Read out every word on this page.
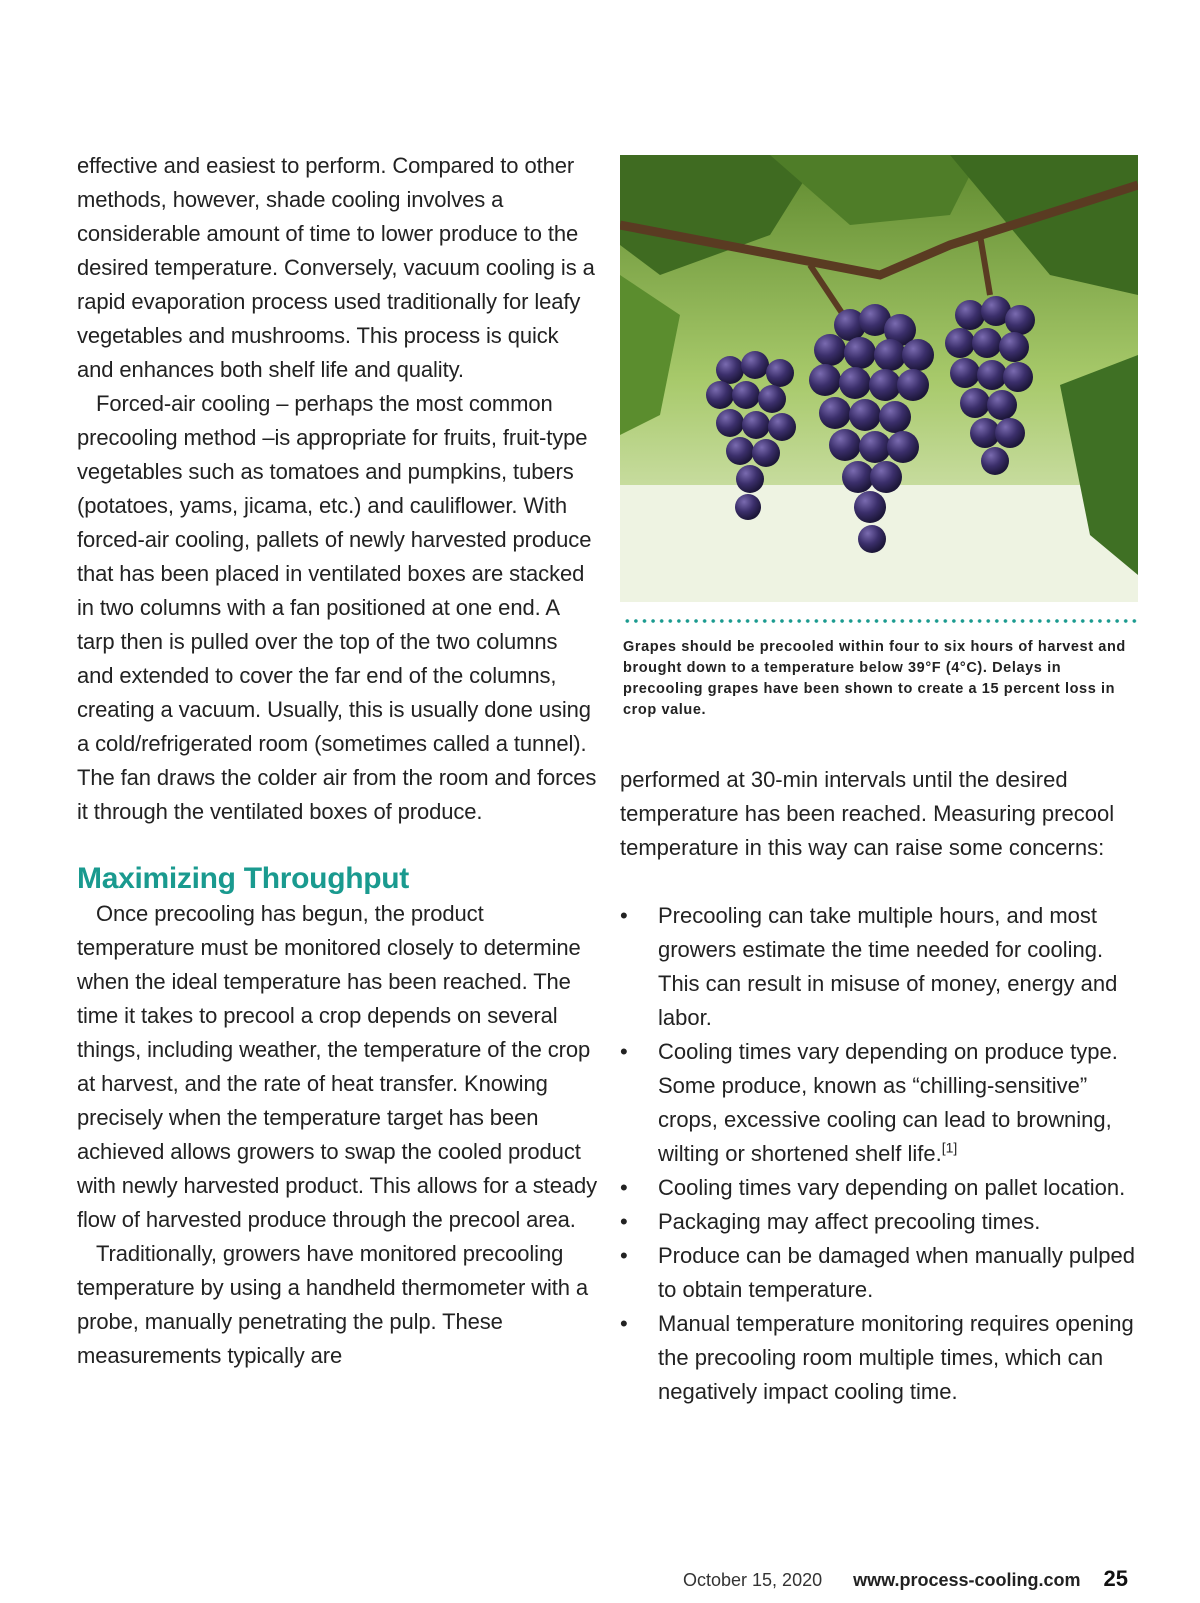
effective and easiest to perform. Compared to other methods, however, shade cooling involves a considerable amount of time to lower produce to the desired temperature. Conversely, vacuum cooling is a rapid evaporation process used traditionally for leafy vegetables and mushrooms. This process is quick and enhances both shelf life and quality.

Forced-air cooling – perhaps the most common precooling method –is appropriate for fruits, fruit-type vegetables such as tomatoes and pumpkins, tubers (potatoes, yams, jicama, etc.) and cauliflower. With forced-air cooling, pallets of newly harvested produce that has been placed in ventilated boxes are stacked in two columns with a fan positioned at one end. A tarp then is pulled over the top of the two columns and extended to cover the far end of the columns, creating a vacuum. Usually, this is usually done using a cold/refrigerated room (sometimes called a tunnel). The fan draws the colder air from the room and forces it through the ventilated boxes of produce.

Maximizing Throughput

Once precooling has begun, the product temperature must be monitored closely to determine when the ideal temperature has been reached. The time it takes to precool a crop depends on several things, including weather, the temperature of the crop at harvest, and the rate of heat transfer. Knowing precisely when the temperature target has been achieved allows growers to swap the cooled product with newly harvested product. This allows for a steady flow of harvested produce through the precool area.

Traditionally, growers have monitored precooling temperature by using a handheld thermometer with a probe, manually penetrating the pulp. These measurements typically are

Grapes should be precooled within four to six hours of harvest and brought down to a temperature below 39°F (4°C). Delays in precooling grapes have been shown to create a 15 percent loss in crop value.

performed at 30-min intervals until the desired temperature has been reached. Measuring precool temperature in this way can raise some concerns:

• Precooling can take multiple hours, and most growers estimate the time needed for cooling. This can result in misuse of money, energy and labor.
• Cooling times vary depending on produce type. Some produce, known as “chilling-sensitive” crops, excessive cooling can lead to browning, wilting or shortened shelf life.[1]
• Cooling times vary depending on pallet location.
• Packaging may affect precooling times.
• Produce can be damaged when manually pulped to obtain temperature.
• Manual temperature monitoring requires opening the precooling room multiple times, which can negatively impact cooling time.
October 15, 2020 www.process-cooling.com 25
